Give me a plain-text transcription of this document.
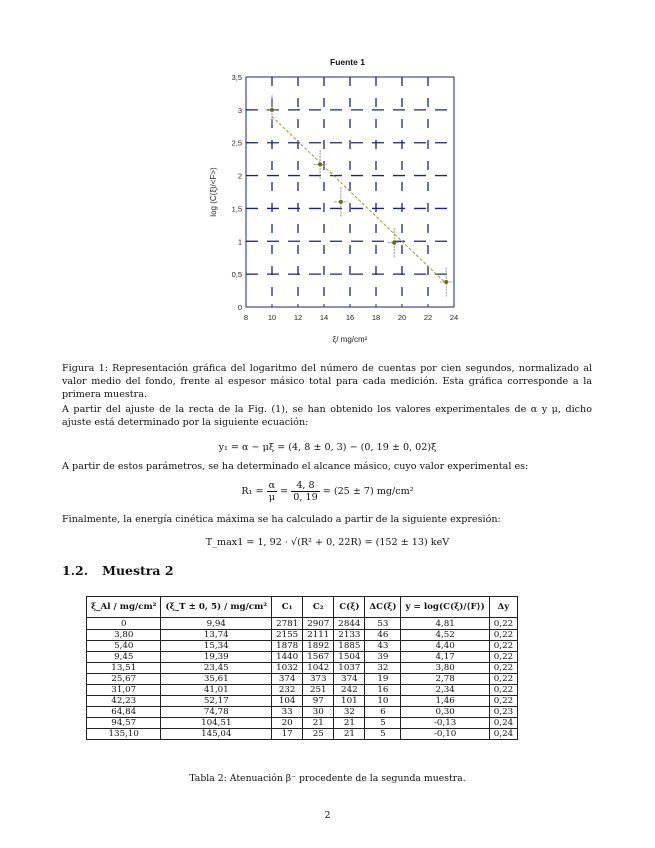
Fuente 1
8	10 12 14 16 18 20 22 24
0
0,5
1
1,5
2
2,5
3
3,5
ξ/ mg/cm²
log (C(ξ)/<F>)
Figura 1: Representación gráfica del logaritmo del número de cuentas por cien segundos, normalizado al valor medio del fondo, frente al espesor másico total para cada medición. Esta gráfica corresponde a la primera muestra.
A partir del ajuste de la recta de la Fig. (1), se han obtenido los valores experimentales de α y μ, dicho ajuste está determinado por la siguiente ecuación:
y₁ = α − μξ = (4, 8 ± 0, 3) − (0, 19 ± 0, 02)ξ
A partir de estos parámetros, se ha determinado el alcance másico, cuyo valor experimental es:
$R_1 = \frac{\alpha}{\mu} = \frac{4, 8}{0, 19} = (25 \pm 7)$ mg/cm²
Finalmente, la energía cinética máxima se ha calculado a partir de la siguiente expresión:
T_max1 = 1, 92 · √(R² + 0, 22R) = (152 ± 13) keV
1.2. Muestra 2
ξ_Al / mg/cm²	(ξ_T ± 0, 5) / mg/cm²	C₁	C₂	C(ξ)	ΔC(ξ)	y = log(C(ξ)/⟨F⟩)	Δy
0	9,94	2781	2907	2844	53	4,81	0,22
3,80	13,74	2155	2111	2133	46	4,52	0,22
5,40	15,34	1878	1892	1885	43	4,40	0,22
9,45	19,39	1440	1567	1504	39	4,17	0,22
13,51	23,45	1032	1042	1037	32	3,80	0,22
25,67	35,61	374	373	374	19	2,78	0,22
31,07	41,01	232	251	242	16	2,34	0,22
42,23	52,17	104	97	101	10	1,46	0,22
64,84	74,78	33	30	32	6	0,30	0,23
94,57	104,51	20	21	21	5	-0,13	0,24
135,10	145,04	17	25	21	5	-0,10	0,24
Tabla 2: Atenuación β⁻ procedente de la segunda muestra.
2
